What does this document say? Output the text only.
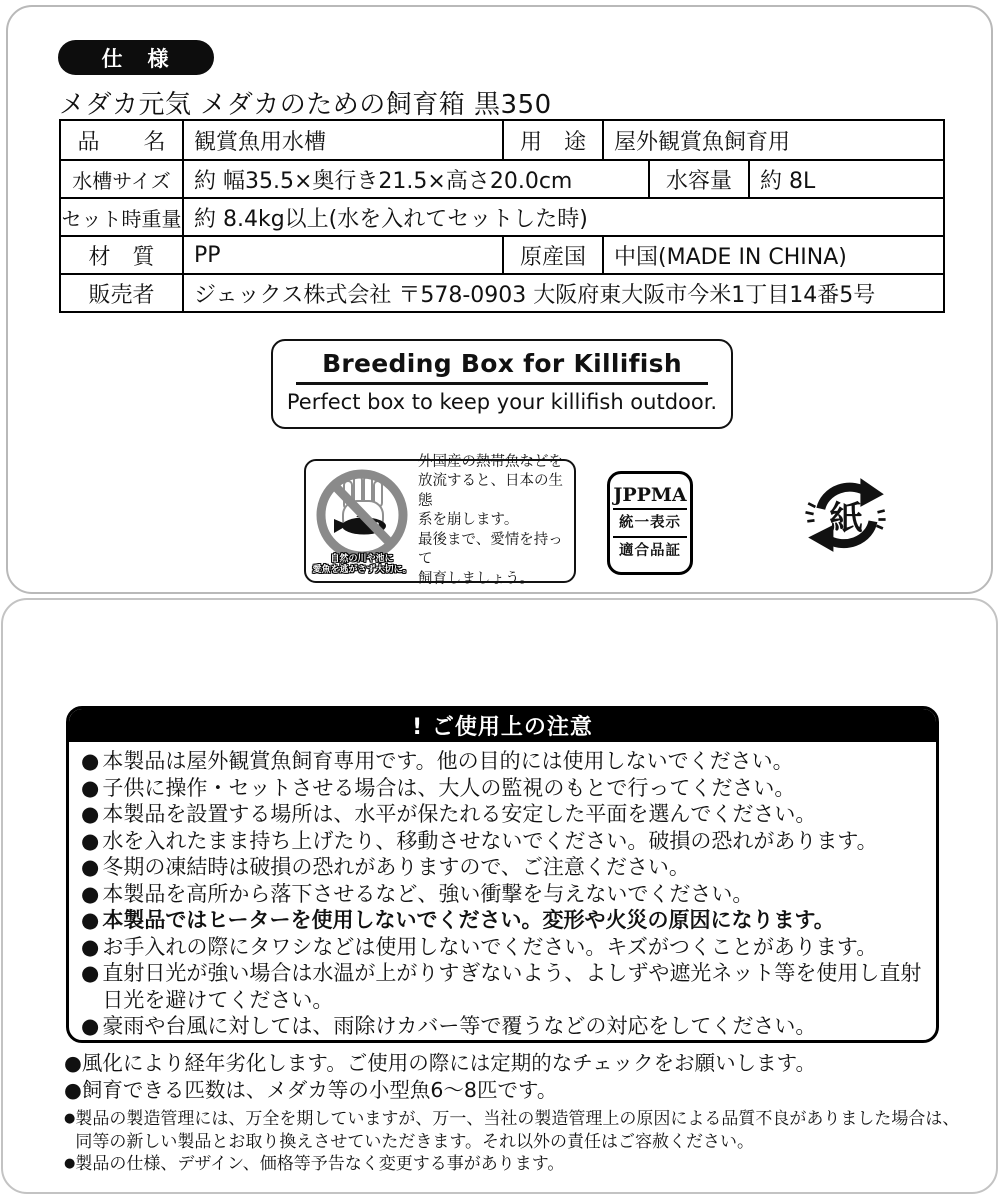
仕　様
メダカ元気 メダカのための飼育箱 黒350
品　　名	観賞魚用水槽	用　途	屋外観賞魚飼育用
水槽サイズ	約 幅35.5×奥行き21.5×高さ20.0cm	水容量	約 8L
セット時重量 約 8.4kg以上(水を入れてセットした時)
材　質	PP	原産国	中国(MADE IN CHINA)
販売者	ジェックス株式会社 〒578-0903 大阪府東大阪市今米1丁目14番5号
Breeding Box for Killifish
Perfect box to keep your killifish outdoor.
自然の川や池に
愛魚を逃がさず大切に。
外国産の熱帯魚などを
放流すると、日本の生態
系を崩します。
最後まで、愛情を持って
飼育しましょう。
JPPMA
統一表示
適合品証
紙
! ご使用上の注意
● 本製品は屋外観賞魚飼育専用です。他の目的には使用しないでください。
● 子供に操作・セットさせる場合は、大人の監視のもとで行ってください。
● 本製品を設置する場所は、水平が保たれる安定した平面を選んでください。
● 水を入れたまま持ち上げたり、移動させないでください。破損の恐れがあります。
● 冬期の凍結時は破損の恐れがありますので、ご注意ください。
● 本製品を高所から落下させるなど、強い衝撃を与えないでください。
● 本製品ではヒーターを使用しないでください。変形や火災の原因になります。
● お手入れの際にタワシなどは使用しないでください。キズがつくことがあります。
● 直射日光が強い場合は水温が上がりすぎないよう、よしずや遮光ネット等を使用し直射日光を避けてください。
● 豪雨や台風に対しては、雨除けカバー等で覆うなどの対応をしてください。
● 風化により経年劣化します。ご使用の際には定期的なチェックをお願いします。
● 飼育できる匹数は、メダカ等の小型魚6〜8匹です。
● 製品の製造管理には、万全を期していますが、万一、当社の製造管理上の原因による品質不良がありました場合は、同等の新しい製品とお取り換えさせていただきます。それ以外の責任はご容赦ください。
● 製品の仕様、デザイン、価格等予告なく変更する事があります。
